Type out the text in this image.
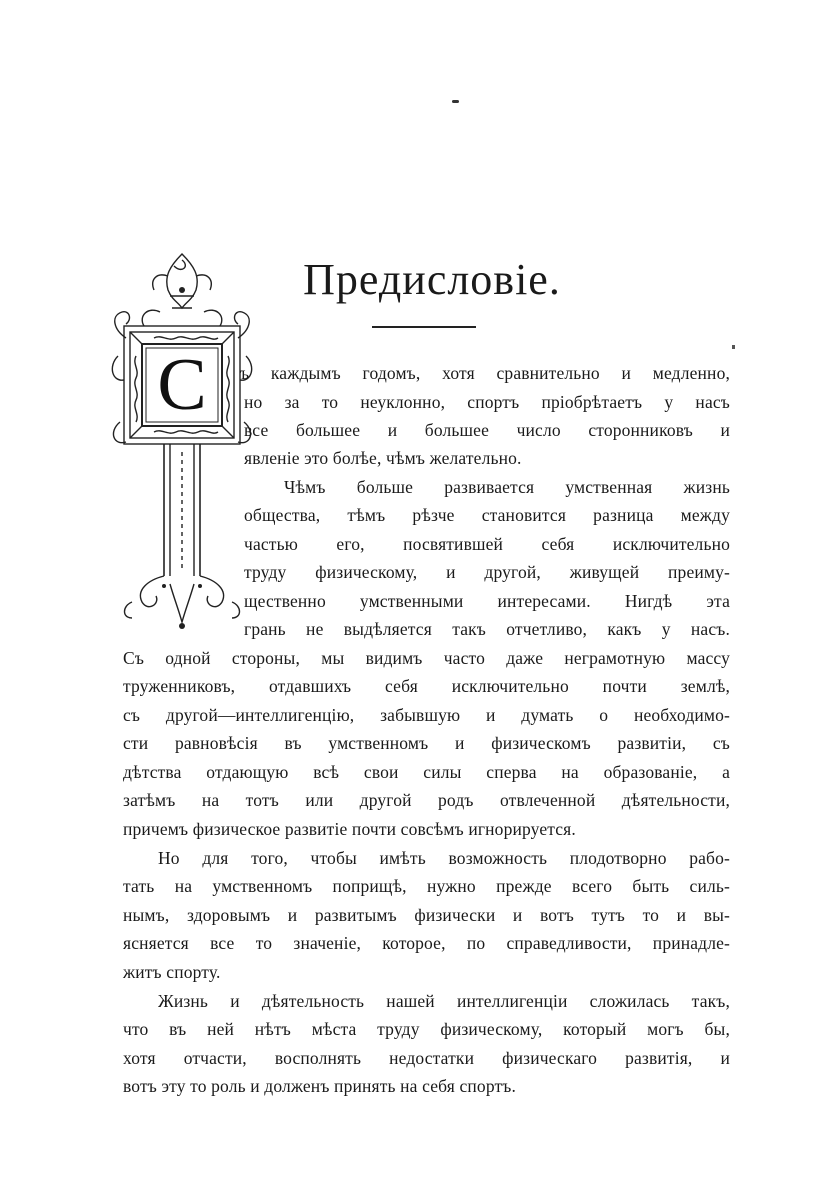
Предисловіе.
С ъ каждымъ годомъ, хотя сравнительно и медленно,

но за то неуклонно, спортъ пріобрѣтаетъ у насъ

все большее и большее число сторонниковъ и

явленіе это болѣе, чѣмъ желательно.

Чѣмъ больше развивается умственная жизнь

общества, тѣмъ рѣзче становится разница между

частью его, посвятившей себя исключительно

труду физическому, и другой, живущей преиму-

щественно умственными интересами. Нигдѣ эта

грань не выдѣляется такъ отчетливо, какъ у насъ.

Съ одной стороны, мы видимъ часто даже неграмотную массу

труженниковъ, отдавшихъ себя исключительно почти землѣ,

съ другой—интеллигенцію, забывшую и думать о необходимо-

сти равновѣсія въ умственномъ и физическомъ развитіи, съ

дѣтства отдающую всѣ свои силы сперва на образованіе, а

затѣмъ на тотъ или другой родъ отвлеченной дѣятельности,

причемъ физическое развитіе почти совсѣмъ игнорируется.

Но для того, чтобы имѣть возможность плодотворно рабо-

тать на умственномъ поприщѣ, нужно прежде всего быть силь-

нымъ, здоровымъ и развитымъ физически и вотъ тутъ то и вы-

ясняется все то значеніе, которое, по справедливости, принадле-

житъ спорту.

Жизнь и дѣятельность нашей интеллигенціи сложилась такъ,

что въ ней нѣтъ мѣста труду физическому, который могъ бы,

хотя отчасти, восполнять недостатки физическаго развитія, и

вотъ эту то роль и долженъ принять на себя спортъ.
